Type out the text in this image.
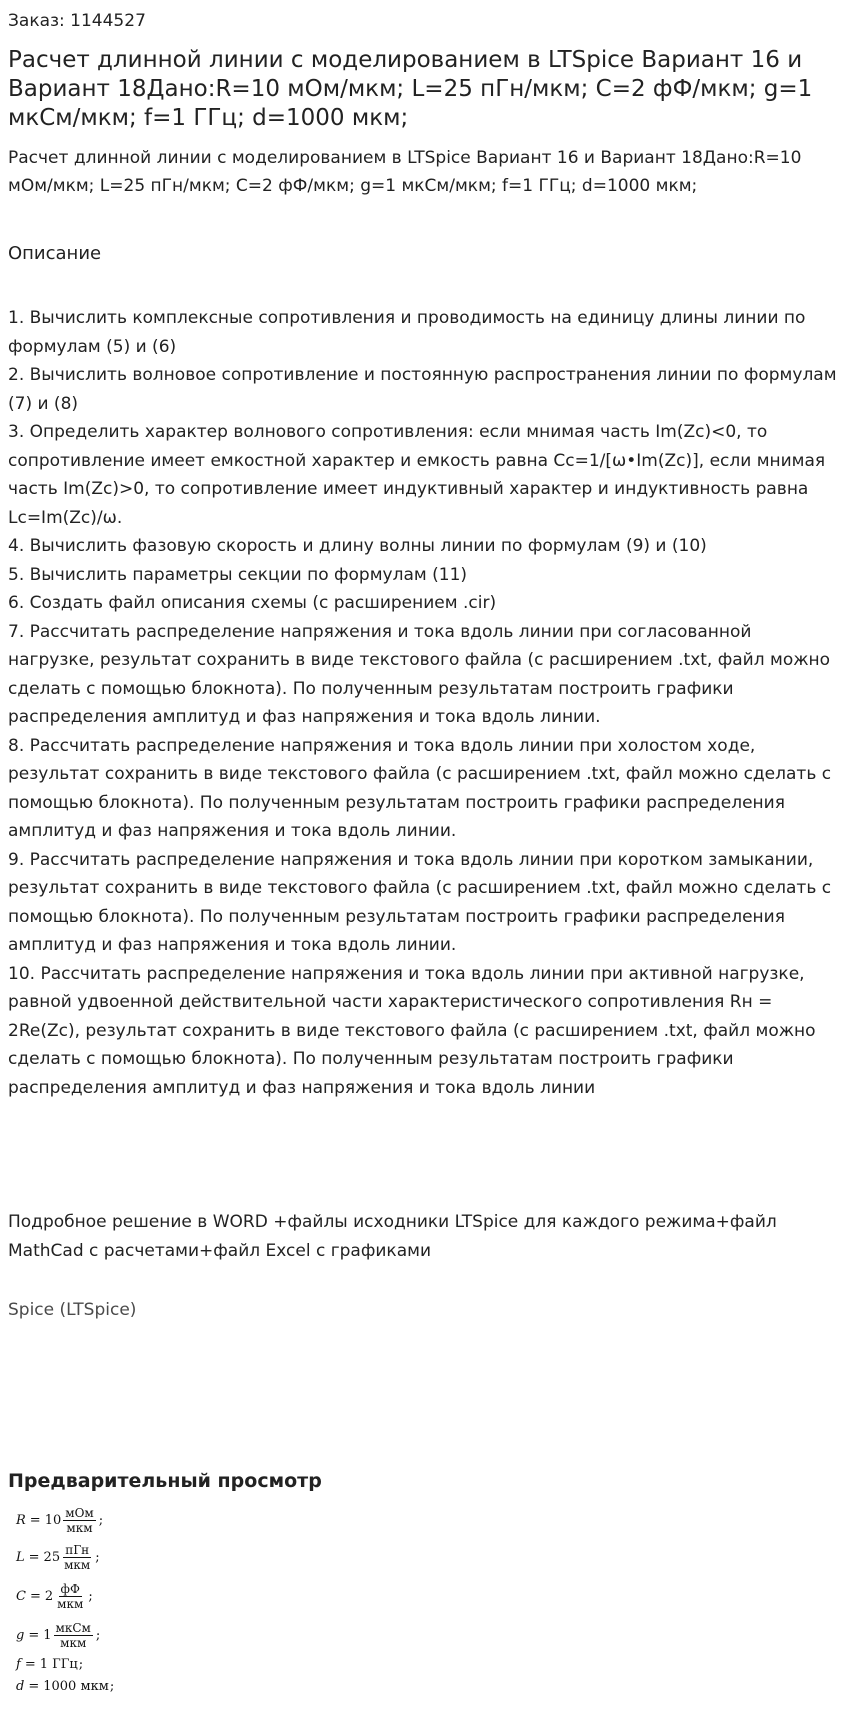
Заказ: 1144527
Расчет длинной линии с моделированием в LTSpice Вариант 16 и Вариант 18Дано:R=10 мОм/мкм; L=25 пГн/мкм; C=2 фФ/мкм; g=1 мкСм/мкм; f=1 ГГц; d=1000 мкм;

Расчет длинной линии с моделированием в LTSpice Вариант 16 и Вариант 18Дано:R=10 мОм/мкм; L=25 пГн/мкм; C=2 фФ/мкм; g=1 мкСм/мкм; f=1 ГГц; d=1000 мкм;

Описание

1. Вычислить комплексные сопротивления и проводимость на единицу длины линии по формулам (5) и (6)

2. Вычислить волновое сопротивление и постоянную распространения линии по формулам (7) и (8)

3. Определить характер волнового сопротивления: если мнимая часть Im(Zc)<0, то сопротивление имеет емкостной характер и емкость равна Cc=1/[ω•Im(Zc)], если мнимая часть Im(Zc)>0, то сопротивление имеет индуктивный характер и индуктивность равна Lc=Im(Zc)/ω.

4. Вычислить фазовую скорость и длину волны линии по формулам (9) и (10)

5. Вычислить параметры секции по формулам (11)

6. Создать файл описания схемы (с расширением .cir)

7. Рассчитать распределение напряжения и тока вдоль линии при согласованной нагрузке, результат сохранить в виде текстового файла (с расширением .txt, файл можно сделать с помощью блокнота). По полученным результатам построить графики распределения амплитуд и фаз напряжения и тока вдоль линии.

8. Рассчитать распределение напряжения и тока вдоль линии при холостом ходе, результат сохранить в виде текстового файла (с расширением .txt, файл можно сделать с помощью блокнота). По полученным результатам построить графики распределения амплитуд и фаз напряжения и тока вдоль линии.

9. Рассчитать распределение напряжения и тока вдоль линии при коротком замыкании, результат сохранить в виде текстового файла (с расширением .txt, файл можно сделать с помощью блокнота). По полученным результатам построить графики распределения амплитуд и фаз напряжения и тока вдоль линии.

10. Рассчитать распределение напряжения и тока вдоль линии при активной нагрузке, равной удвоенной действительной части характеристического сопротивления Rн = 2Re(Zc), результат сохранить в виде текстового файла (с расширением .txt, файл можно сделать с помощью блокнота). По полученным результатам построить графики распределения амплитуд и фаз напряжения и тока вдоль линии

Подробное решение в WORD +файлы исходники LTSpice для каждого режима+файл MathCad с расчетами+файл Excel с графиками

Spice (LTSpice)
Предварительный просмотр
$R = 10 \frac{\text{мОм}}{\text{мкм}}$ ;
$L = 25 \frac{\text{пГн}}{\text{мкм}}$ ;
$C = 2 \frac{фФ}{\text{мкм}}$ ;
$g = 1 \frac{\text{мкСм}}{\text{мкм}}$ ;
f = 1 ГГц ;
d = 1000 мкм ;
